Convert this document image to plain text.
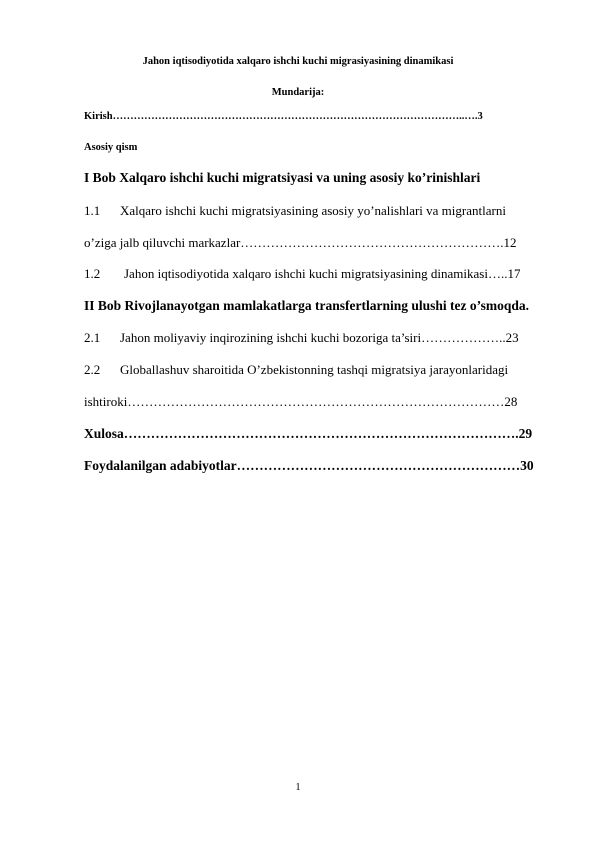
Jahon iqtisodiyotida xalqaro ishchi kuchi migrasiyasining dinamikasi
Mundarija:
Kirish………………………………………………………………………………………..….3
Asosiy qism
I Bob Xalqaro ishchi kuchi migratsiyasi va uning asosiy ko’rinishlari
1.1 Xalqaro ishchi kuchi migratsiyasining asosiy yo’nalishlari va migrantlarni
o’ziga jalb qiluvchi markazlar…………………………………………………….12
1.2 Jahon iqtisodiyotida xalqaro ishchi kuchi migratsiyasining dinamikasi…..17
II Bob Rivojlanayotgan mamlakatlarga transfertlarning ulushi tez o’smoqda.
2.1 Jahon moliyaviy inqirozining ishchi kuchi bozoriga ta’siri………………..23
2.2 Globallashuv sharoitida O’zbekistonning tashqi migratsiya jarayonlaridagi
ishtiroki……………………………………………………………………………28
Xulosa…………………………………………………………………………….29
Foydalanilgan adabiyotlar………………………………………………………30
1
